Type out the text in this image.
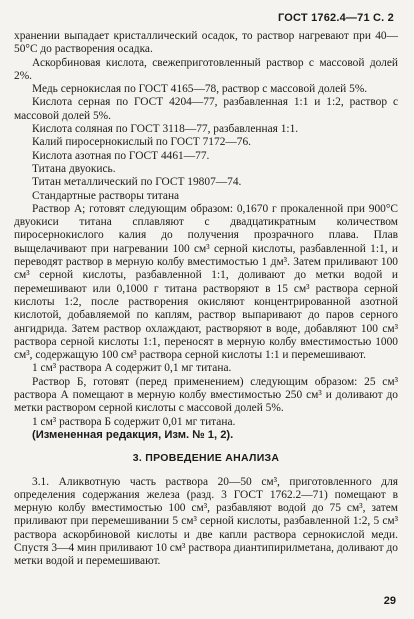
ГОСТ 1762.4—71 С. 2

хранении выпадает кристаллический осадок, то раствор нагревают при 40—50°С до растворения осадка.

Аскорбиновая кислота, свежеприготовленный раствор с массовой долей 2%.

Медь сернокислая по ГОСТ 4165—78, раствор с массовой долей 5%.

Кислота серная по ГОСТ 4204—77, разбавленная 1:1 и 1:2, раствор с массовой долей 5%.

Кислота соляная по ГОСТ 3118—77, разбавленная 1:1.

Калий пиросернокислый по ГОСТ 7172—76.

Кислота азотная по ГОСТ 4461—77.

Титана двуокись.

Титан металлический по ГОСТ 19807—74.

Стандартные растворы титана

Раствор А; готовят следующим образом: 0,1670 г прокаленной при 900°С двуокиси титана сплавляют с двадцатикратным количеством пиросернокислого калия до получения прозрачного плава. Плав выщелачивают при нагревании 100 см³ серной кислоты, разбавленной 1:1, и переводят раствор в мерную колбу вместимостью 1 дм³. Затем приливают 100 см³ серной кислоты, разбавленной 1:1, доливают до метки водой и перемешивают или 0,1000 г титана растворяют в 15 см³ раствора серной кислоты 1:2, после растворения окисляют концентрированной азотной кислотой, добавляемой по каплям, раствор выпаривают до паров серного ангидрида. Затем раствор охлаждают, растворяют в воде, добавляют 100 см³ раствора серной кислоты 1:1, переносят в мерную колбу вместимостью 1000 см³, содержащую 100 см³ раствора серной кислоты 1:1 и перемешивают.

1 см³ раствора А содержит 0,1 мг титана.

Раствор Б, готовят (перед применением) следующим образом: 25 см³ раствора А помещают в мерную колбу вместимостью 250 см³ и доливают до метки раствором серной кислоты с массовой долей 5%.

1 см³ раствора Б содержит 0,01 мг титана.

(Измененная редакция, Изм. № 1, 2).

3. ПРОВЕДЕНИЕ АНАЛИЗА

3.1. Аликвотную часть раствора 20—50 см³, приготовленного для определения содержания железа (разд. 3 ГОСТ 1762.2—71) помещают в мерную колбу вместимостью 100 см³, разбавляют водой до 75 см³, затем приливают при перемешивании 5 см³ серной кислоты, разбавленной 1:2, 5 см³ раствора аскорбиновой кислоты и две капли раствора сернокислой меди. Спустя 3—4 мин приливают 10 см³ раствора диантипирилметана, доливают до метки водой и перемешивают.

29
